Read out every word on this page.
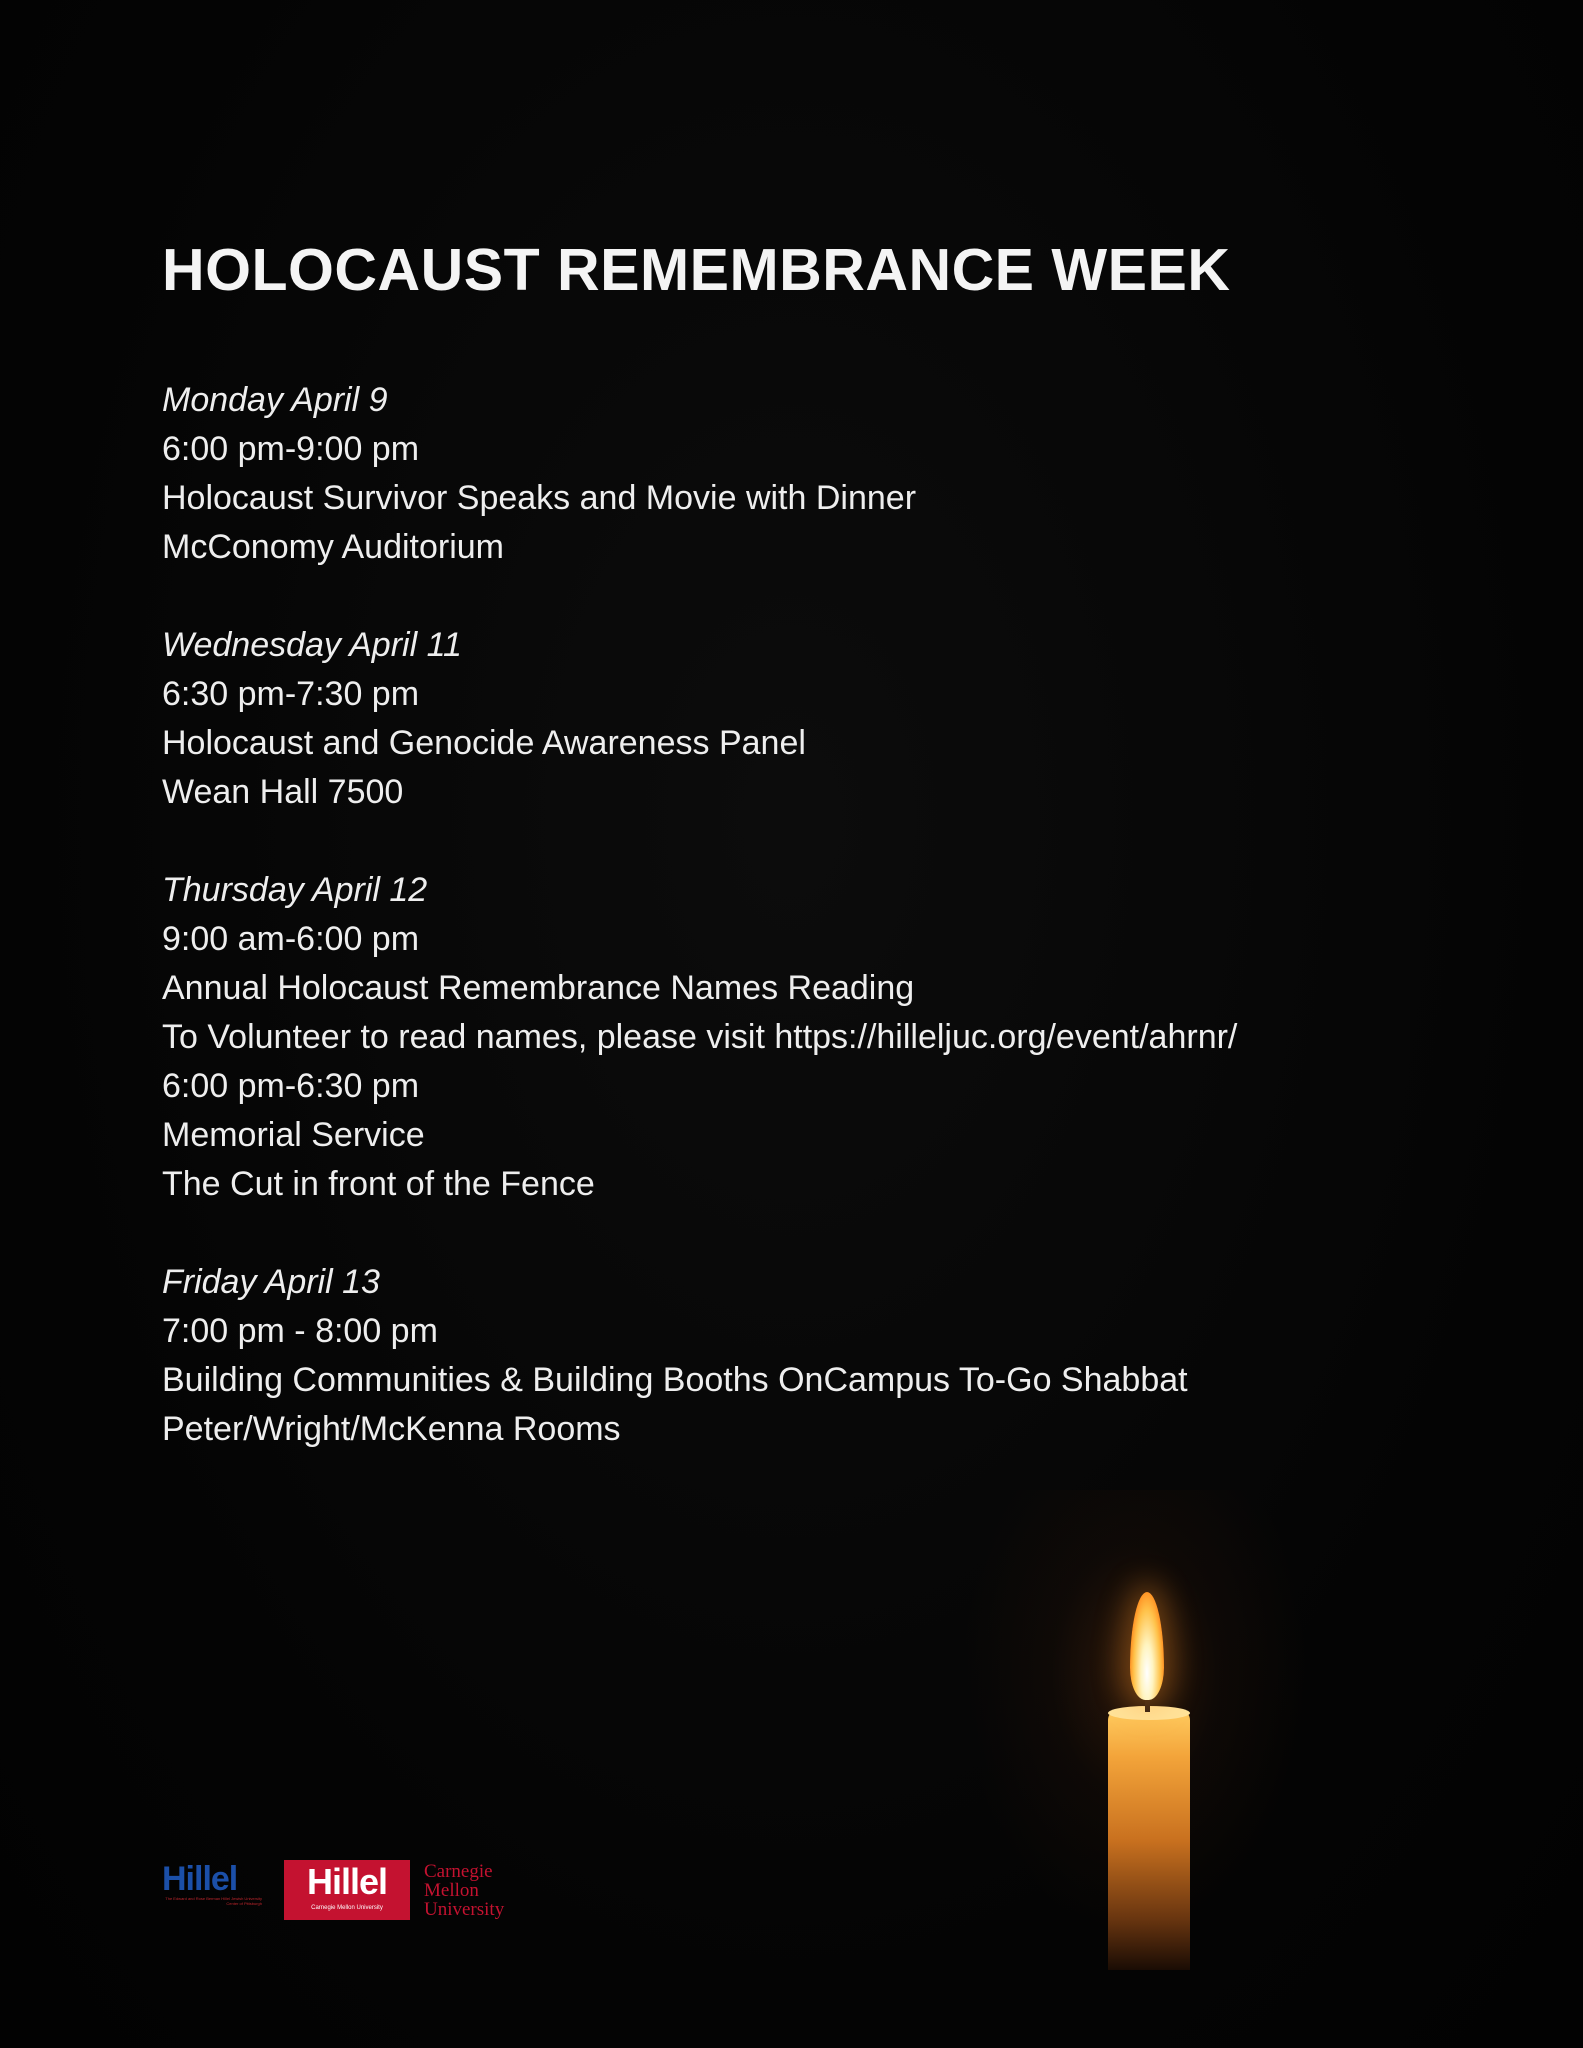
HOLOCAUST REMEMBRANCE WEEK
Monday April 9
6:00 pm-9:00 pm
Holocaust Survivor Speaks and Movie with Dinner
McConomy Auditorium
Wednesday April 11
6:30 pm-7:30 pm
Holocaust and Genocide Awareness Panel
Wean Hall 7500
Thursday April 12
9:00 am-6:00 pm
Annual Holocaust Remembrance Names Reading
To Volunteer to read names, please visit https://hilleljuc.org/event/ahrnr/
6:00 pm-6:30 pm
Memorial Service
The Cut in front of the Fence
Friday April 13
7:00 pm - 8:00 pm
Building Communities & Building Booths OnCampus To-Go Shabbat
Peter/Wright/McKenna Rooms
Hillel
The Edward and Rose Berman Hillel Jewish University Center of Pittsburgh
Hillel
Carnegie Mellon University
Carnegie
Mellon
University
